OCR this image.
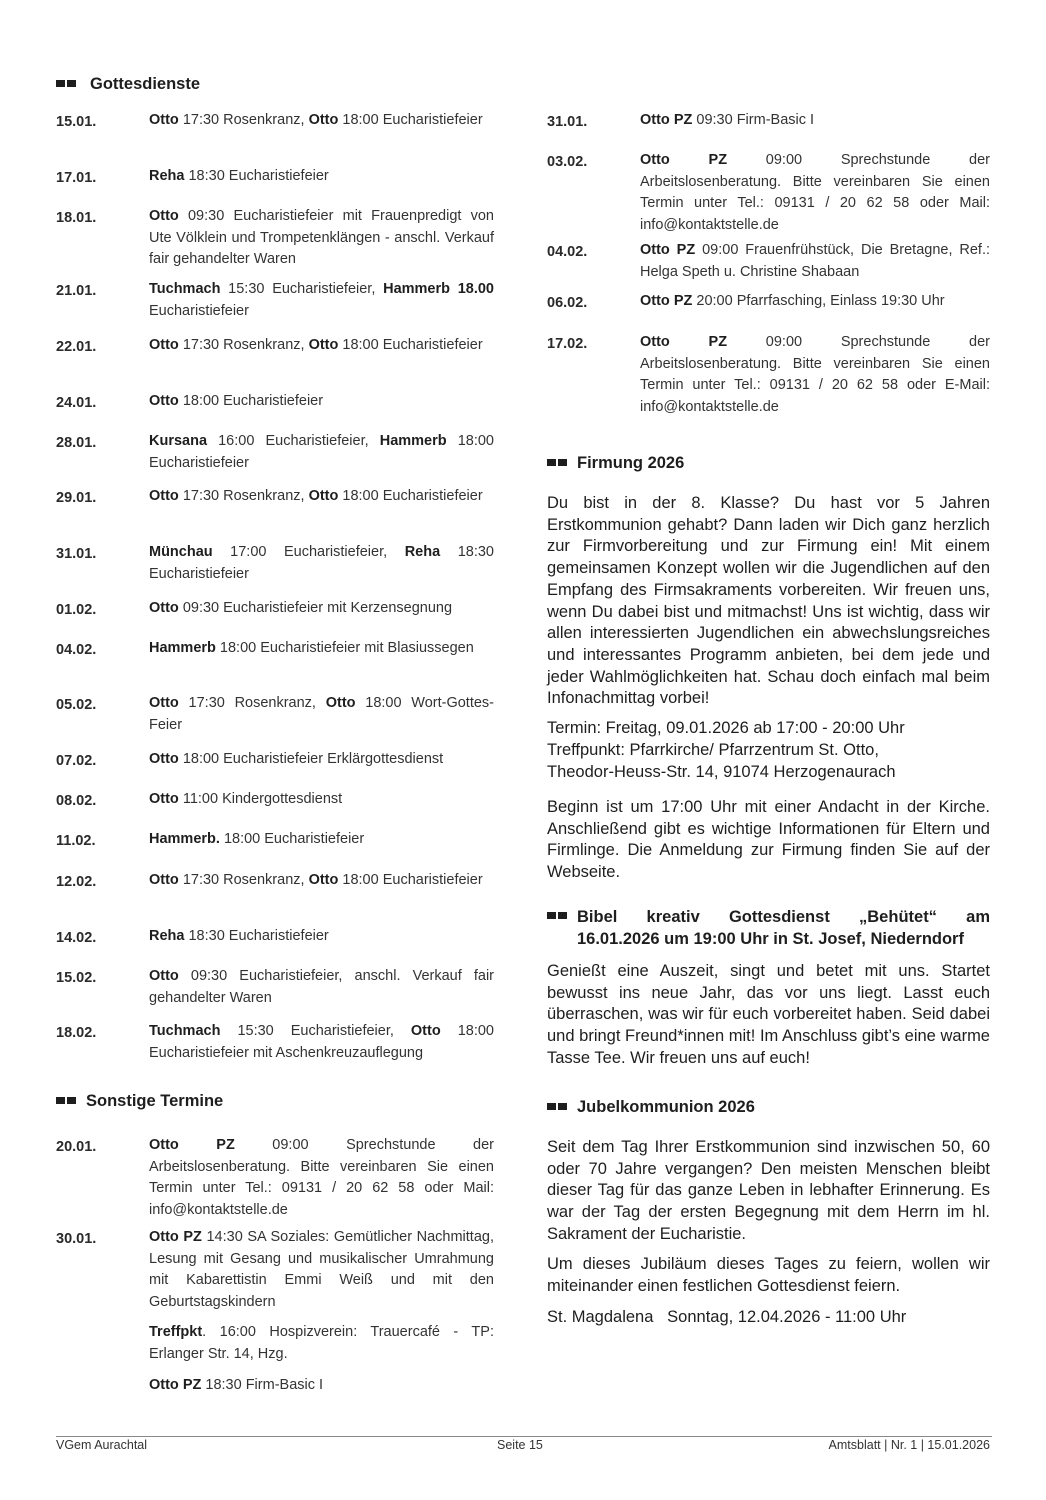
Gottesdienste
15.01.	Otto 17:30 Rosenkranz, Otto 18:00 Eucharistiefeier
17.01.	Reha 18:30 Eucharistiefeier
18.01.	Otto 09:30 Eucharistiefeier mit Frauenpredigt von Ute Völklein und Trompetenklängen - anschl. Verkauf fair gehandelter Waren
21.01.	Tuchmach 15:30 Eucharistiefeier, Hammerb 18.00 Eucharistiefeier
22.01.	Otto 17:30 Rosenkranz, Otto 18:00 Eucharistiefeier
24.01.	Otto 18:00 Eucharistiefeier
28.01.	Kursana 16:00 Eucharistiefeier, Hammerb 18:00 Eucharistiefeier
29.01.	Otto 17:30 Rosenkranz, Otto 18:00 Eucharistiefeier
31.01.	Münchau 17:00 Eucharistiefeier, Reha 18:30 Eucharistiefeier
01.02.	Otto 09:30 Eucharistiefeier mit Kerzensegnung
04.02.	Hammerb 18:00 Eucharistiefeier mit Blasiussegen
05.02.	Otto 17:30 Rosenkranz, Otto 18:00 Wort-Gottes-Feier
07.02.	Otto 18:00 Eucharistiefeier Erklärgottesdienst
08.02.	Otto 11:00 Kindergottesdienst
11.02.	Hammerb. 18:00 Eucharistiefeier
12.02.	Otto 17:30 Rosenkranz, Otto 18:00 Eucharistiefeier
14.02.	Reha 18:30 Eucharistiefeier
15.02.	Otto 09:30 Eucharistiefeier, anschl. Verkauf fair gehandelter Waren
18.02.	Tuchmach 15:30 Eucharistiefeier, Otto 18:00 Eucharistiefeier mit Aschenkreuzauflegung
Sonstige Termine
20.01.	Otto PZ 09:00 Sprechstunde der Arbeitslosenberatung. Bitte vereinbaren Sie einen Termin unter Tel.: 09131 / 20 62 58 oder Mail: info@kontaktstelle.de
30.01.	Otto PZ 14:30 SA Soziales: Gemütlicher Nachmittag, Lesung mit Gesang und musikalischer Umrahmung mit Kabarettistin Emmi Weiß und mit den Geburtstagskindern
Treffpkt. 16:00 Hospizverein: Trauercafé - TP: Erlanger Str. 14, Hzg.
Otto PZ 18:30 Firm-Basic I
31.01.	Otto PZ 09:30 Firm-Basic I
03.02.	Otto PZ 09:00 Sprechstunde der Arbeitslosenberatung. Bitte vereinbaren Sie einen Termin unter Tel.: 09131 / 20 62 58 oder Mail: info@kontaktstelle.de
04.02.	Otto PZ 09:00 Frauenfrühstück, Die Bretagne, Ref.: Helga Speth u. Christine Shabaan
06.02.	Otto PZ 20:00 Pfarrfasching, Einlass 19:30 Uhr
17.02.	Otto PZ 09:00 Sprechstunde der Arbeitslosenberatung. Bitte vereinbaren Sie einen Termin unter Tel.: 09131 / 20 62 58 oder E-Mail: info@kontaktstelle.de
Firmung 2026

Du bist in der 8. Klasse? Du hast vor 5 Jahren Erstkommunion gehabt? Dann laden wir Dich ganz herzlich zur Firmvorbereitung und zur Firmung ein! Mit einem gemeinsamen Konzept wollen wir die Jugendlichen auf den Empfang des Firmsakraments vorbereiten. Wir freuen uns, wenn Du dabei bist und mitmachst! Uns ist wichtig, dass wir allen interessierten Jugendlichen ein abwechslungsreiches und interessantes Programm anbieten, bei dem jede und jeder Wahlmöglichkeiten hat. Schau doch einfach mal beim Infonachmittag vorbei!

Termin: Freitag, 09.01.2026 ab 17:00 - 20:00 Uhr

Treffpunkt: Pfarrkirche/ Pfarrzentrum St. Otto,

Theodor-Heuss-Str. 14, 91074 Herzogenaurach

Beginn ist um 17:00 Uhr mit einer Andacht in der Kirche. Anschließend gibt es wichtige Informationen für Eltern und Firmlinge. Die Anmeldung zur Firmung finden Sie auf der Webseite.

Bibel kreativ Gottesdienst „Behütet“ am
16.01.2026 um 19:00 Uhr in St. Josef, Niederndorf

Genießt eine Auszeit, singt und betet mit uns. Startet bewusst ins neue Jahr, das vor uns liegt. Lasst euch überraschen, was wir für euch vorbereitet haben. Seid dabei und bringt Freund*innen mit! Im Anschluss gibt’s eine warme Tasse Tee. Wir freuen uns auf euch!

Jubelkommunion 2026

Seit dem Tag Ihrer Erstkommunion sind inzwischen 50, 60 oder 70 Jahre vergangen? Den meisten Menschen bleibt dieser Tag für das ganze Leben in lebhafter Erinnerung. Es war der Tag der ersten Begegnung mit dem Herrn im hl. Sakrament der Eucharistie.

Um dieses Jubiläum dieses Tages zu feiern, wollen wir miteinander einen festlichen Gottesdienst feiern.

St. Magdalena   Sonntag, 12.04.2026 - 11:00 Uhr

VGem Aurachtal	Seite 15	Amtsblatt | Nr. 1 | 15.01.2026
